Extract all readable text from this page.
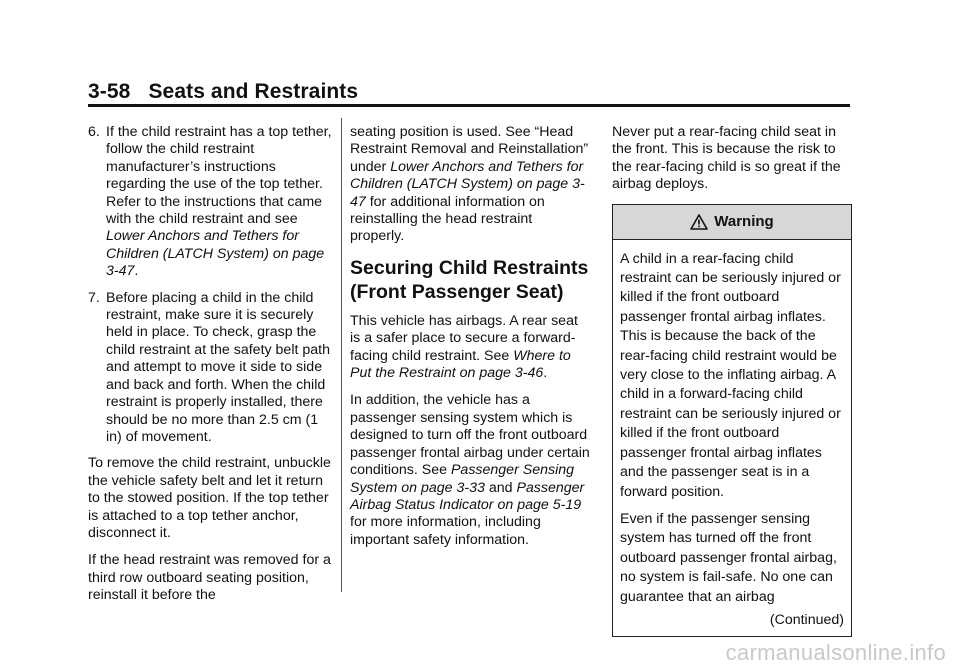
3-58 Seats and Restraints
6. If the child restraint has a top tether, follow the child restraint manufacturer’s instructions regarding the use of the top tether. Refer to the instructions that came with the child restraint and see Lower Anchors and Tethers for Children (LATCH System) on page 3-47.
7. Before placing a child in the child restraint, make sure it is securely held in place. To check, grasp the child restraint at the safety belt path and attempt to move it side to side and back and forth. When the child restraint is properly installed, there should be no more than 2.5 cm (1 in) of movement.

To remove the child restraint, unbuckle the vehicle safety belt and let it return to the stowed position. If the top tether is attached to a top tether anchor, disconnect it.

If the head restraint was removed for a third row outboard seating position, reinstall it before the

seating position is used. See “Head Restraint Removal and Reinstallation” under Lower Anchors and Tethers for Children (LATCH System) on page 3-47 for additional information on reinstalling the head restraint properly.

Securing Child Restraints (Front Passenger Seat)

This vehicle has airbags. A rear seat is a safer place to secure a forward-facing child restraint. See Where to Put the Restraint on page 3-46.

In addition, the vehicle has a passenger sensing system which is designed to turn off the front outboard passenger frontal airbag under certain conditions. See Passenger Sensing System on page 3-33 and Passenger Airbag Status Indicator on page 5-19 for more information, including important safety information.

Never put a rear-facing child seat in the front. This is because the risk to the rear-facing child is so great if the airbag deploys.

Warning

A child in a rear-facing child restraint can be seriously injured or killed if the front outboard passenger frontal airbag inflates. This is because the back of the rear-facing child restraint would be very close to the inflating airbag. A child in a forward-facing child restraint can be seriously injured or killed if the front outboard passenger frontal airbag inflates and the passenger seat is in a forward position.

Even if the passenger sensing system has turned off the front outboard passenger frontal airbag, no system is fail-safe. No one can guarantee that an airbag

(Continued)
carmanualsonline.info
